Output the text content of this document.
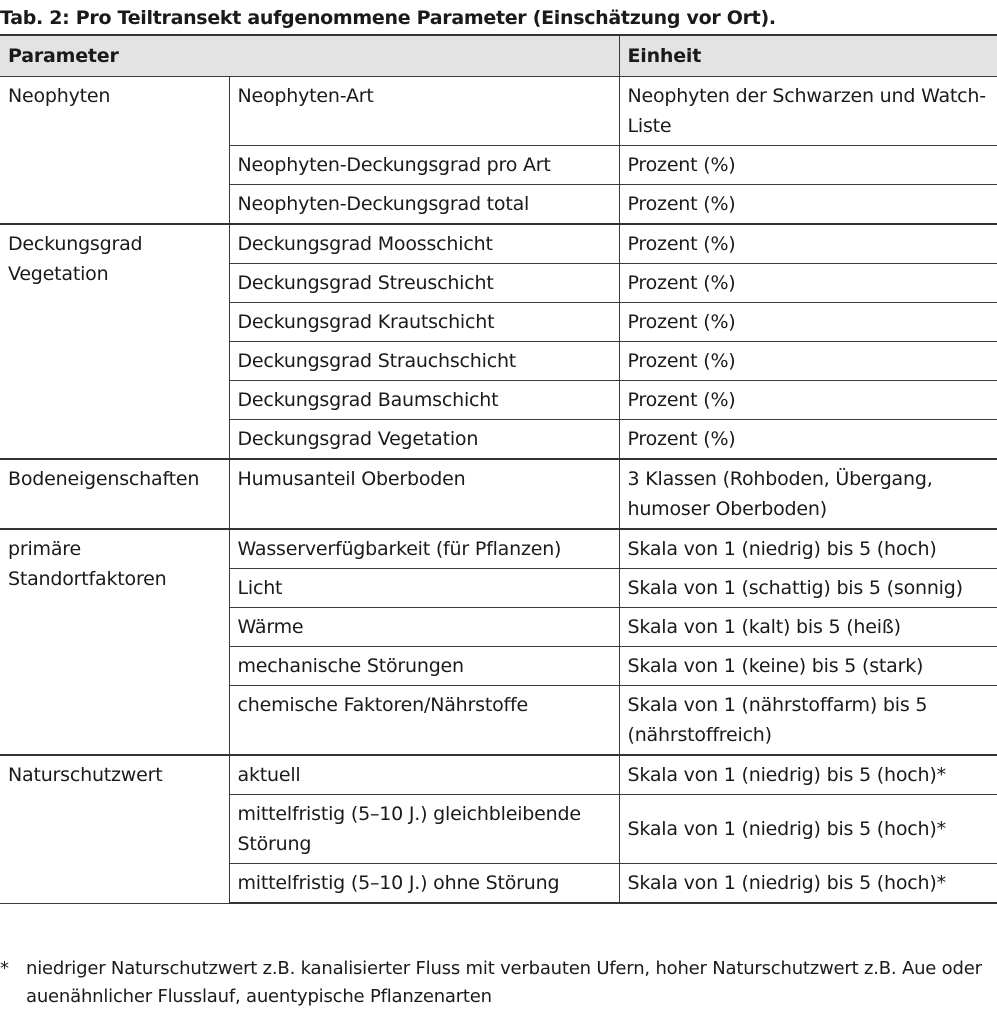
Tab. 2: Pro Teiltransekt aufgenommene Parameter (Einschätzung vor Ort).
Parameter		Einheit
Neophyten	Neophyten-Art	Neophyten der Schwarzen und Watch-Liste
	Neophyten-Deckungsgrad pro Art	Prozent (%)
	Neophyten-Deckungsgrad total	Prozent (%)
Deckungsgrad Vegetation	Deckungsgrad Moosschicht	Prozent (%)
	Deckungsgrad Streuschicht	Prozent (%)
	Deckungsgrad Krautschicht	Prozent (%)
	Deckungsgrad Strauchschicht	Prozent (%)
	Deckungsgrad Baumschicht	Prozent (%)
	Deckungsgrad Vegetation	Prozent (%)
Bodeneigenschaften	Humusanteil Oberboden	3 Klassen (Rohboden, Übergang, humoser Oberboden)
primäre Standortfaktoren	Wasserverfügbarkeit (für Pflanzen)	Skala von 1 (niedrig) bis 5 (hoch)
	Licht	Skala von 1 (schattig) bis 5 (sonnig)
	Wärme	Skala von 1 (kalt) bis 5 (heiß)
	mechanische Störungen	Skala von 1 (keine) bis 5 (stark)
	chemische Faktoren/Nährstoffe	Skala von 1 (nährstoffarm) bis 5 (nährstoffreich)
Naturschutzwert	aktuell	Skala von 1 (niedrig) bis 5 (hoch)*
	mittelfristig (5–10 J.) gleichbleibende Störung	Skala von 1 (niedrig) bis 5 (hoch)*
	mittelfristig (5–10 J.) ohne Störung	Skala von 1 (niedrig) bis 5 (hoch)*
* niedriger Naturschutzwert z.B. kanalisierter Fluss mit verbauten Ufern, hoher Naturschutzwert z.B. Aue oder auenähnlicher Flusslauf, auentypische Pflanzenarten
